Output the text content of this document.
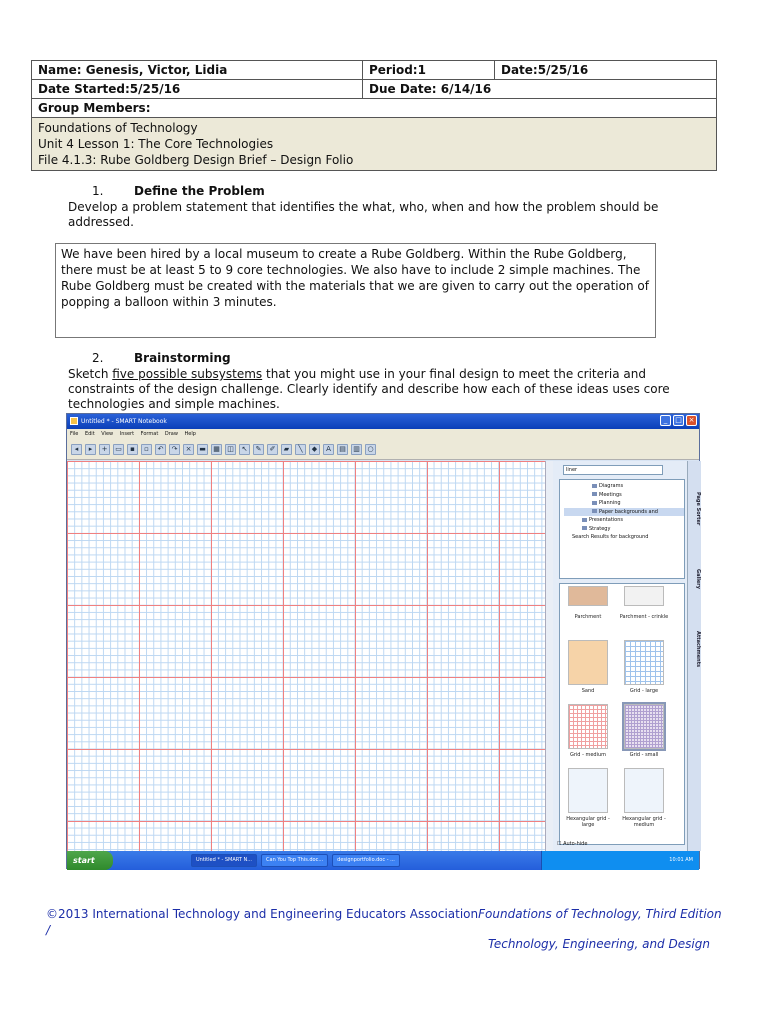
Name: Genesis, Victor, Lidia	Period:1	Date:5/25/16
Date Started:5/25/16	Due Date: 6/14/16	
Group Members:		

Foundations of Technology
Unit 4 Lesson 1: The Core Technologies
File 4.1.3: Rube Goldberg Design Brief – Design Folio		
1.	Define the Problem
Develop a problem statement that identifies the what, who, when and how the problem should be addressed.
We have been hired by a local museum to create a Rube Goldberg. Within the Rube Goldberg, there must be at least 5 to 9 core technologies. We also have to include 2 simple machines. The Rube Goldberg must be created with the materials that we are given to carry out the operation of popping a balloon within 3 minutes.
2.	Brainstorming
Sketch five possible subsystems that you might use in your final design to meet the criteria and constraints of the design challenge. Clearly identify and describe how each of these ideas uses core technologies and simple machines.
Untitled * - SMART Notebook	_	□ ×
File Edit View Insert Format Draw Help
◂	▸	+	▭	▪	▫	↶	↷	×	▬	▦	◫	↖	✎	✐	▰	╲	◆	A	▤	▥	○
liner
Diagrams
Meetings
Planning
Paper backgrounds and
Presentations
Strategy
Search Results for background
Parchment	Parchment - crinkle
Sand	Grid - large
Grid - medium	Grid - small
Hexangular grid - large
Hexangular grid - medium
☐ Auto-hide
Page Sorter
Gallery
Attachments
start	Untitled * - SMART N...	Can You Top This.doc...	designportfolio.doc - ...	10:01 AM
©2013 International Technology and Engineering Educators AssociationFoundations of Technology, Third Edition /
Technology, Engineering, and Design
